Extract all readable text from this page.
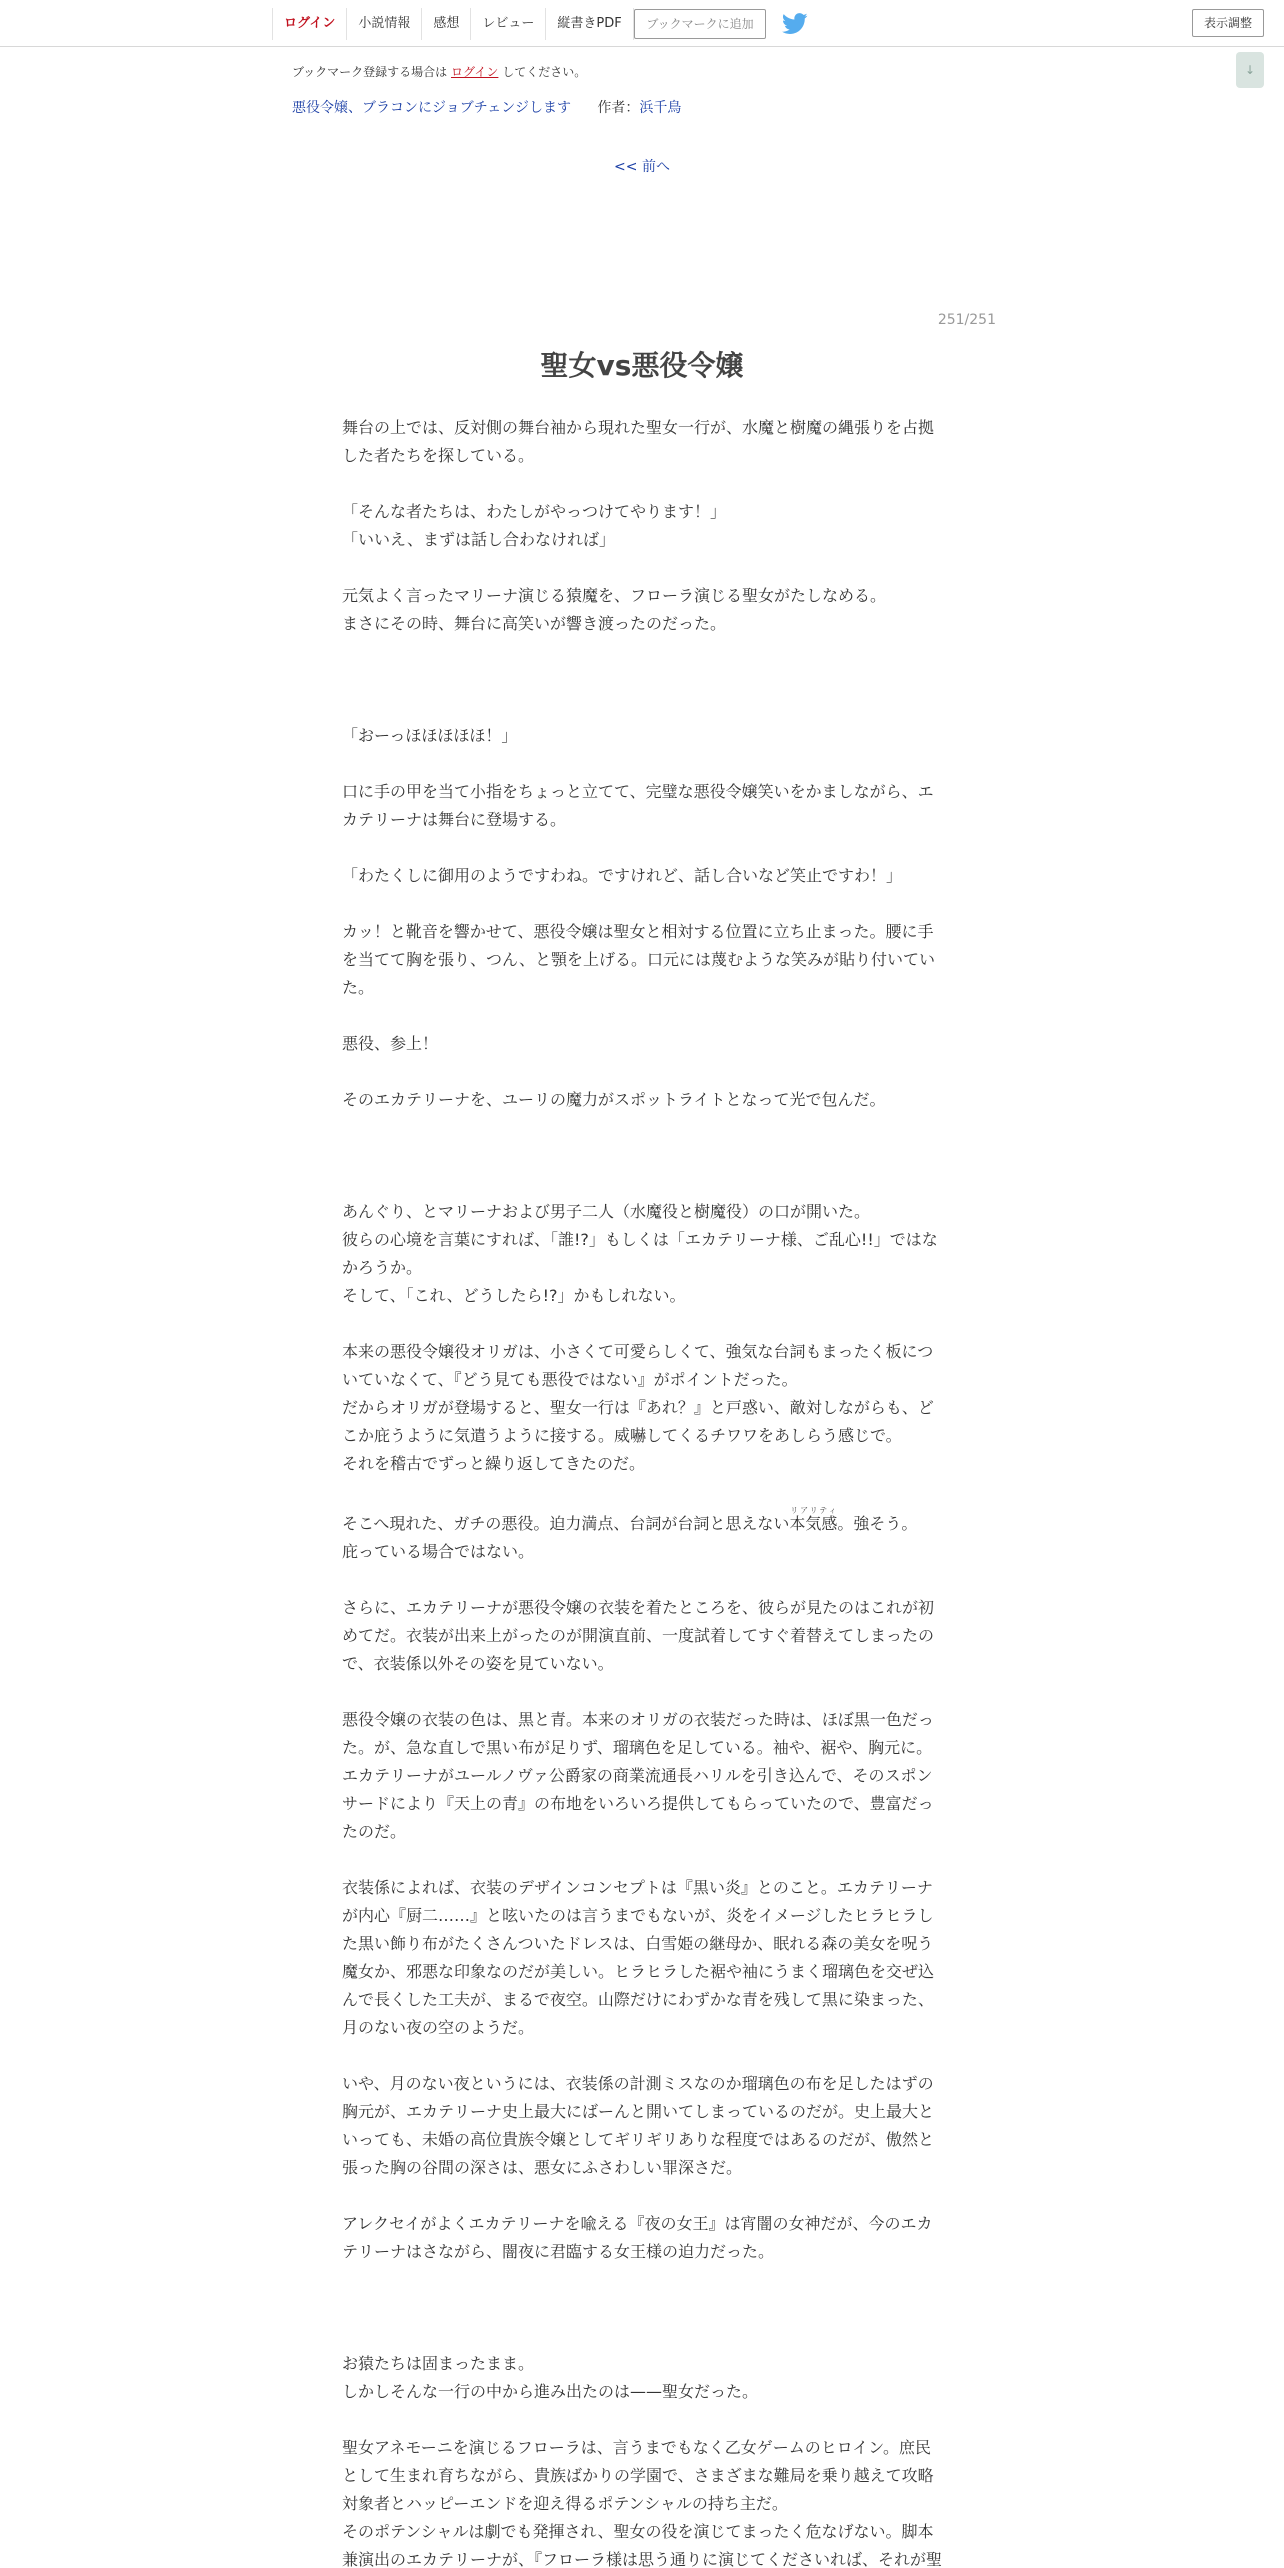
ログイン	小説情報	感想	レビュー	縦書きPDF	ブックマークに追加	表示調整
↓
ブックマーク登録する場合は ログイン してください。
悪役令嬢、ブラコンにジョブチェンジします 作者：浜千鳥
<< 前へ
251/251
聖女vs悪役令嬢
舞台の上では、反対側の舞台袖から現れた聖女一行が、水魔と樹魔の縄張りを占拠した者たちを探している。
「そんな者たちは、わたしがやっつけてやります！」
「いいえ、まずは話し合わなければ」
元気よく言ったマリーナ演じる猿魔を、フローラ演じる聖女がたしなめる。
まさにその時、舞台に高笑いが響き渡ったのだった。
「おーっほほほほほ！」
口に手の甲を当て小指をちょっと立てて、完璧な悪役令嬢笑いをかましながら、エカテリーナは舞台に登場する。
「わたくしに御用のようですわね。ですけれど、話し合いなど笑止ですわ！」
カッ！と靴音を響かせて、悪役令嬢は聖女と相対する位置に立ち止まった。腰に手を当てて胸を張り、つん、と顎を上げる。口元には蔑むような笑みが貼り付いていた。
悪役、参上！
そのエカテリーナを、ユーリの魔力がスポットライトとなって光で包んだ。
あんぐり、とマリーナおよび男子二人（水魔役と樹魔役）の口が開いた。
彼らの心境を言葉にすれば、「誰!?」もしくは「エカテリーナ様、ご乱心!!」ではなかろうか。
そして、「これ、どうしたら!?」かもしれない。
本来の悪役令嬢役オリガは、小さくて可愛らしくて、強気な台詞もまったく板についていなくて、『どう見ても悪役ではない』がポイントだった。
だからオリガが登場すると、聖女一行は『あれ？』と戸惑い、敵対しながらも、どこか庇うように気遣うように接する。威嚇してくるチワワをあしらう感じで。
それを稽古でずっと繰り返してきたのだ。
そこへ現れた、ガチの悪役。迫力満点、台詞が台詞と思えない本気感リアリティ。強そう。
庇っている場合ではない。
さらに、エカテリーナが悪役令嬢の衣装を着たところを、彼らが見たのはこれが初めてだ。衣装が出来上がったのが開演直前、一度試着してすぐ着替えてしまったので、衣装係以外その姿を見ていない。
悪役令嬢の衣装の色は、黒と青。本来のオリガの衣装だった時は、ほぼ黒一色だった。が、急な直しで黒い布が足りず、瑠璃色を足している。袖や、裾や、胸元に。エカテリーナがユールノヴァ公爵家の商業流通長ハリルを引き込んで、そのスポンサードにより『天上の青』の布地をいろいろ提供してもらっていたので、豊富だったのだ。
衣装係によれば、衣装のデザインコンセプトは『黒い炎』とのこと。エカテリーナが内心『厨二……』と呟いたのは言うまでもないが、炎をイメージしたヒラヒラした黒い飾り布がたくさんついたドレスは、白雪姫の継母か、眠れる森の美女を呪う魔女か、邪悪な印象なのだが美しい。ヒラヒラした裾や袖にうまく瑠璃色を交ぜ込んで長くした工夫が、まるで夜空。山際だけにわずかな青を残して黒に染まった、月のない夜の空のようだ。
いや、月のない夜というには、衣装係の計測ミスなのか瑠璃色の布を足したはずの胸元が、エカテリーナ史上最大にばーんと開いてしまっているのだが。史上最大といっても、未婚の高位貴族令嬢としてギリギリありな程度ではあるのだが、傲然と張った胸の谷間の深さは、悪女にふさわしい罪深さだ。
アレクセイがよくエカテリーナを喩える『夜の女王』は宵闇の女神だが、今のエカテリーナはさながら、闇夜に君臨する女王様の迫力だった。
お猿たちは固まったまま。
しかしそんな一行の中から進み出たのは——聖女だった。
聖女アネモーニを演じるフローラは、言うまでもなく乙女ゲームのヒロイン。庶民として生まれ育ちながら、貴族ばかりの学園で、さまざまな難局を乗り越えて攻略対象者とハッピーエンドを迎え得るポテンシャルの持ち主だ。
そのポテンシャルは劇でも発揮され、聖女の役を演じてまったく危なげない。脚本兼演出のエカテリーナが、『フローラ様は思う通りに演じてくださいれば、それが聖
